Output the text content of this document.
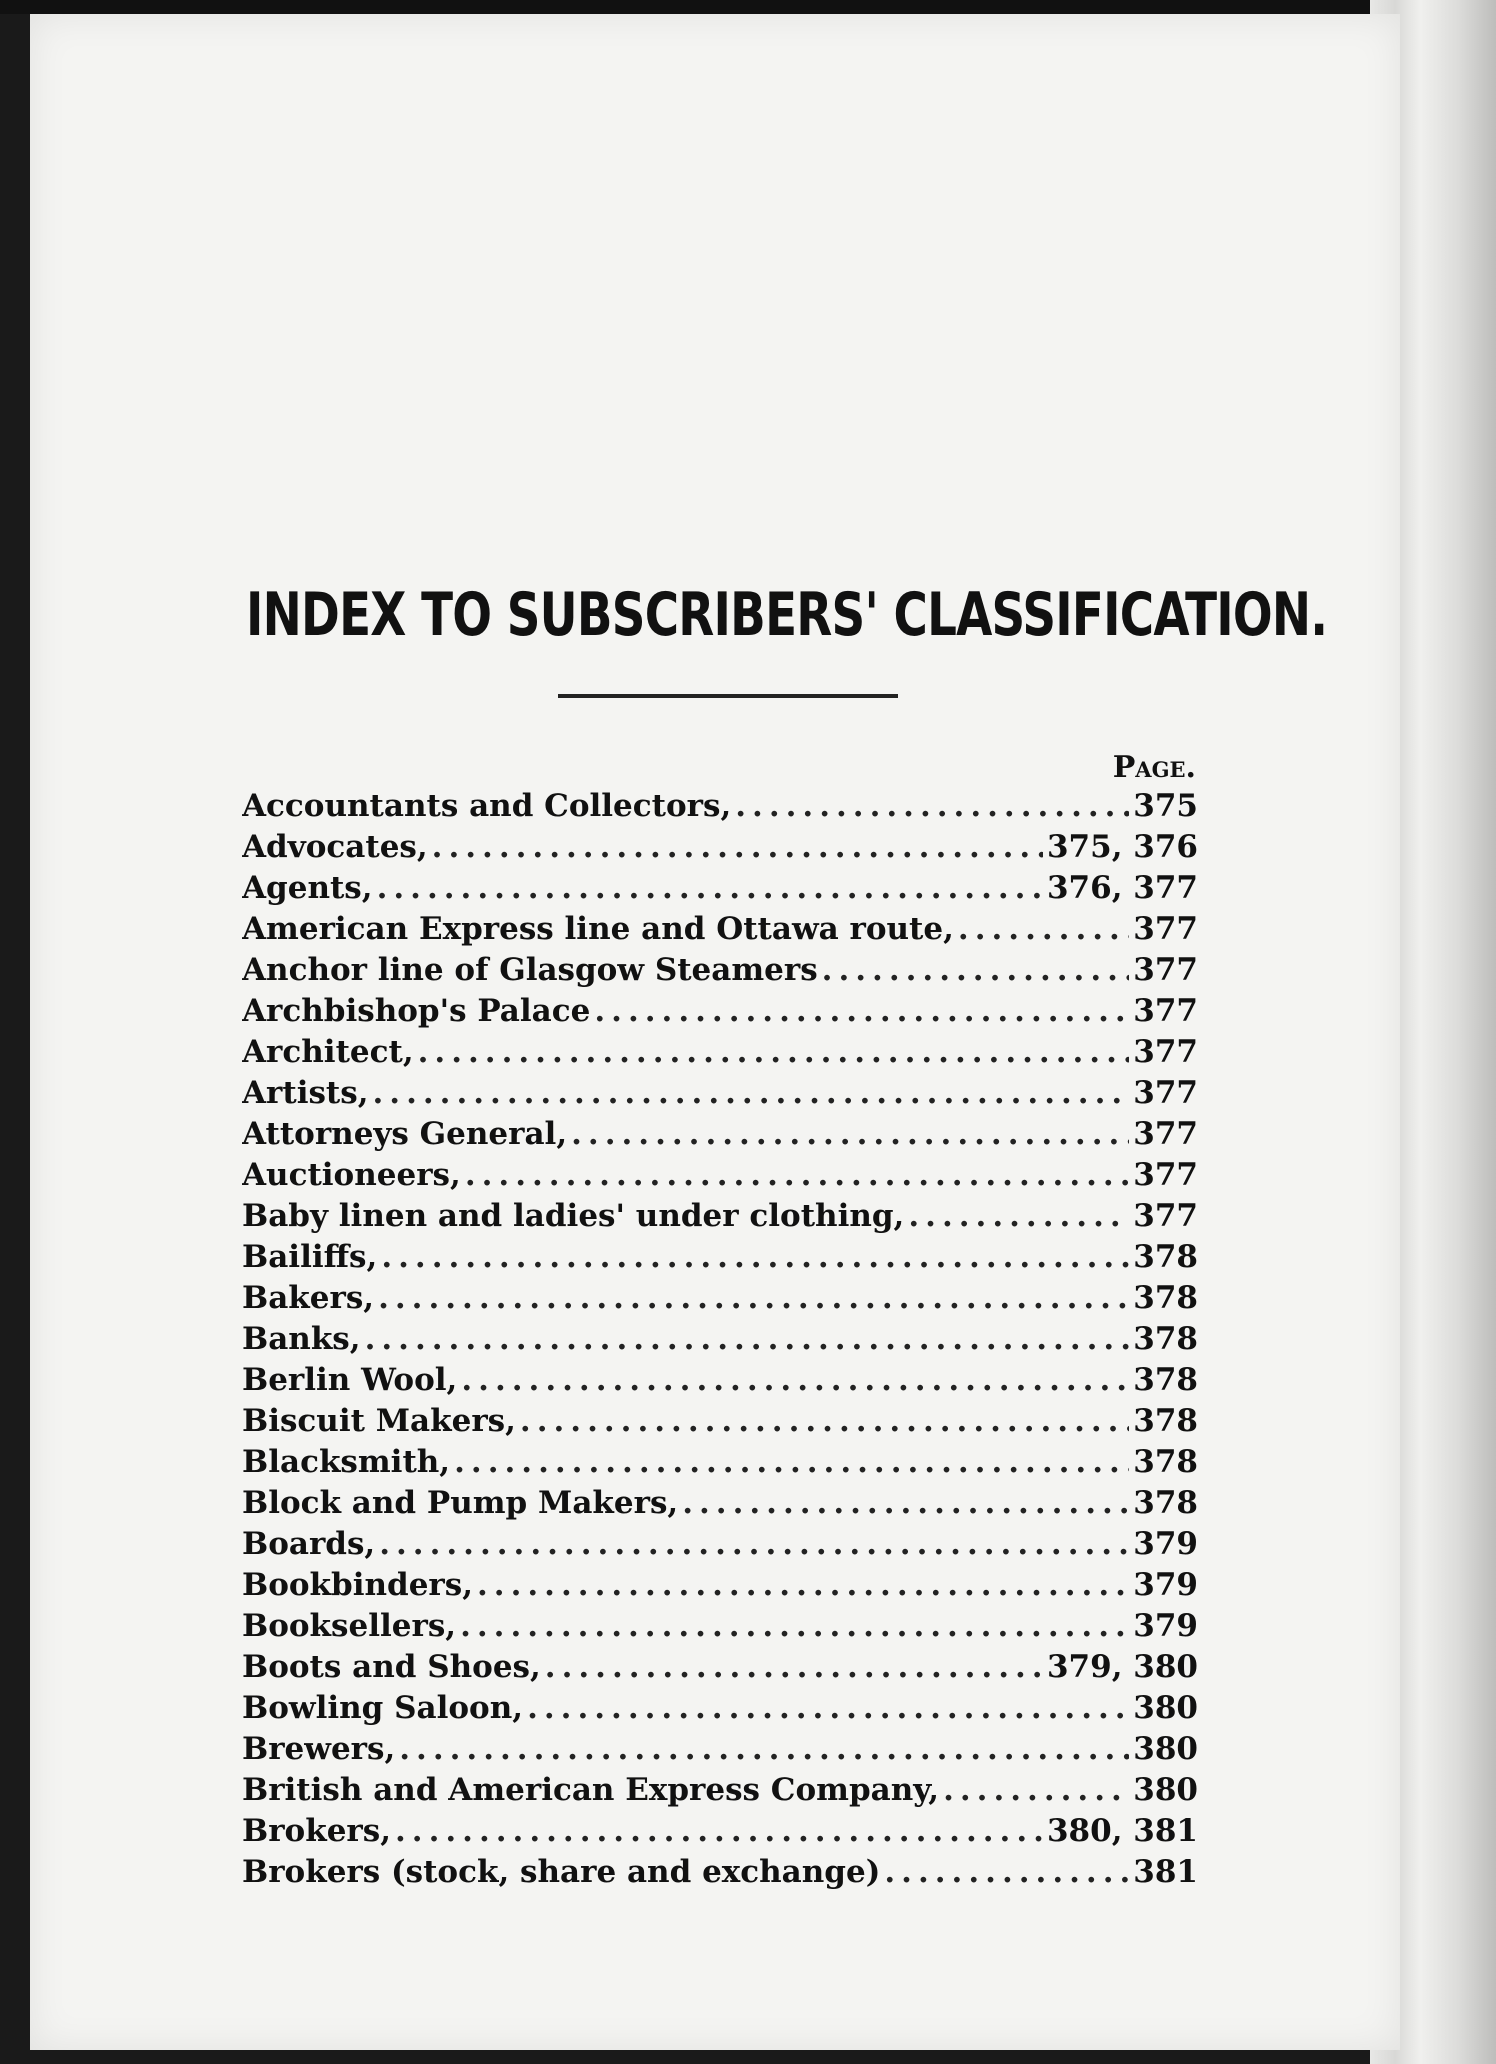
INDEX TO SUBSCRIBERS' CLASSIFICATION.
Page.
Accountants and Collectors, .....	375
Advocates, .....	375, 376
Agents, .....	376, 377
American Express line and Ottawa route, .....	377
Anchor line of Glasgow Steamers .....	377
Archbishop's Palace .....	377
Architect, .....	377
Artists, .....	377
Attorneys General, .....	377
Auctioneers, .....	377
Baby linen and ladies' under clothing, .....	377
Bailiffs, .....	378
Bakers, .....	378
Banks, .....	378
Berlin Wool, .....	378
Biscuit Makers, .....	378
Blacksmith, .....	378
Block and Pump Makers, .....	378
Boards, .....	379
Bookbinders, .....	379
Booksellers, .....	379
Boots and Shoes, .....	379, 380
Bowling Saloon, .....	380
Brewers, .....	380
British and American Express Company, .....	380
Brokers, .....	380, 381
Brokers (stock, share and exchange) .....	381
